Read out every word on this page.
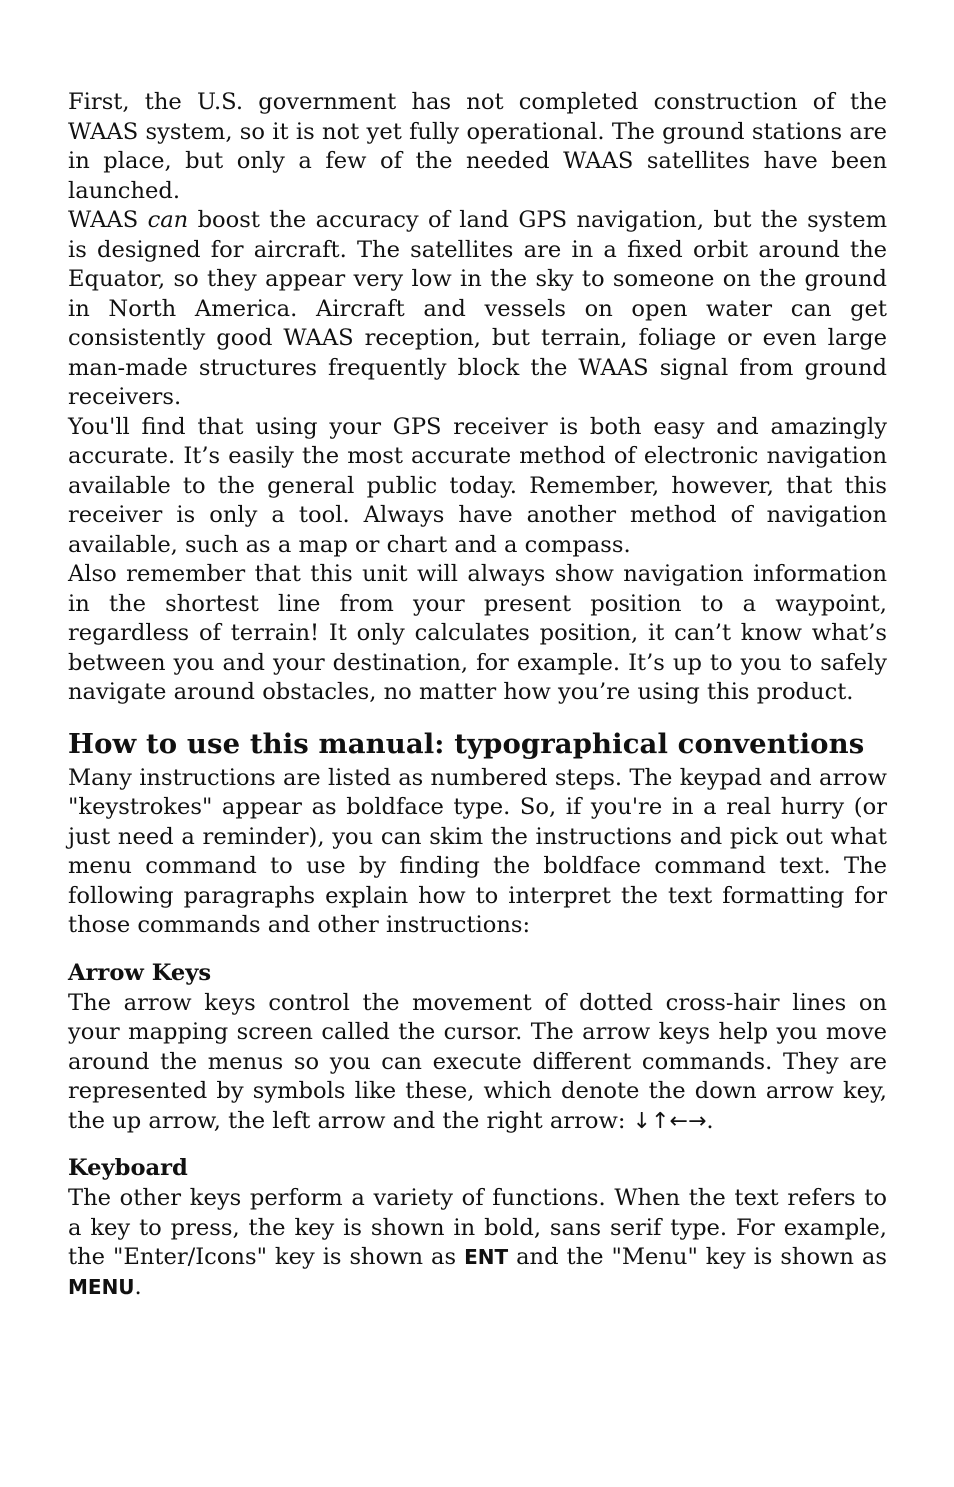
First, the U.S. government has not completed construction of the WAAS system, so it is not yet fully operational. The ground stations are in place, but only a few of the needed WAAS satellites have been launched.

WAAS can boost the accuracy of land GPS navigation, but the system is designed for aircraft. The satellites are in a fixed orbit around the Equator, so they appear very low in the sky to someone on the ground in North America. Aircraft and vessels on open water can get consistently good WAAS reception, but terrain, foliage or even large man-made structures frequently block the WAAS signal from ground receivers.

You'll find that using your GPS receiver is both easy and amazingly accurate. It’s easily the most accurate method of electronic navigation available to the general public today. Remember, however, that this receiver is only a tool. Always have another method of navigation available, such as a map or chart and a compass.

Also remember that this unit will always show navigation information in the shortest line from your present position to a waypoint, regardless of terrain! It only calculates position, it can’t know what’s between you and your destination, for example. It’s up to you to safely navigate around obstacles, no matter how you’re using this product.

How to use this manual: typographical conventions

Many instructions are listed as numbered steps. The keypad and arrow "keystrokes" appear as boldface type. So, if you're in a real hurry (or just need a reminder), you can skim the instructions and pick out what menu command to use by finding the boldface command text. The following paragraphs explain how to interpret the text formatting for those commands and other instructions:

Arrow Keys

The arrow keys control the movement of dotted cross-hair lines on your mapping screen called the cursor. The arrow keys help you move around the menus so you can execute different commands. They are represented by symbols like these, which denote the down arrow key, the up arrow, the left arrow and the right arrow: ↓↑←→.

Keyboard

The other keys perform a variety of functions. When the text refers to a key to press, the key is shown in bold, sans serif type. For example, the "Enter/Icons" key is shown as ENT and the "Menu" key is shown as MENU.
